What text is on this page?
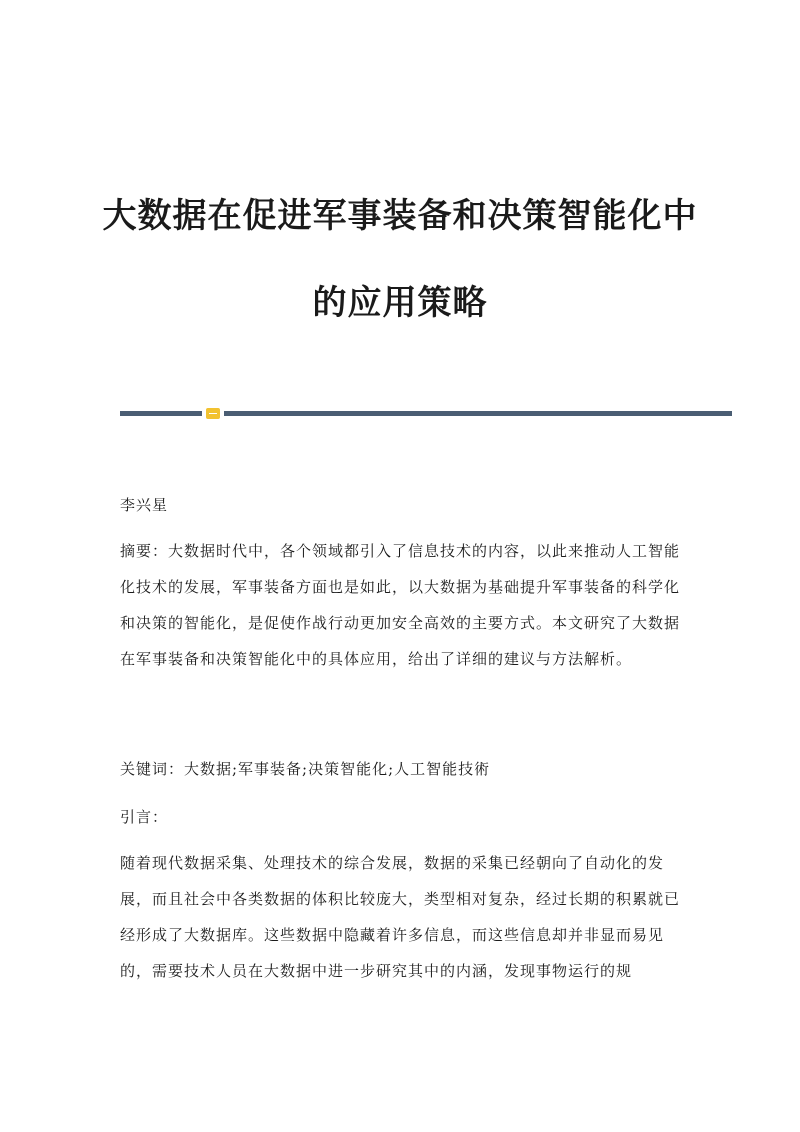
大数据在促进军事装备和决策智能化中
的应用策略

李兴星

摘要：大数据时代中，各个领域都引入了信息技术的内容，以此来推动人工智能化技术的发展，军事装备方面也是如此，以大数据为基础提升军事装备的科学化和决策的智能化，是促使作战行动更加安全高效的主要方式。本文研究了大数据在军事装备和决策智能化中的具体应用，给出了详细的建议与方法解析。

关键词：大数据;军事装备;决策智能化;人工智能技術

引言：

随着现代数据采集、处理技术的综合发展，数据的采集已经朝向了自动化的发展，而且社会中各类数据的体积比较庞大，类型相对复杂，经过长期的积累就已经形成了大数据库。这些数据中隐藏着许多信息，而这些信息却并非显而易见的，需要技术人员在大数据中进一步研究其中的内涵，发现事物运行的规
